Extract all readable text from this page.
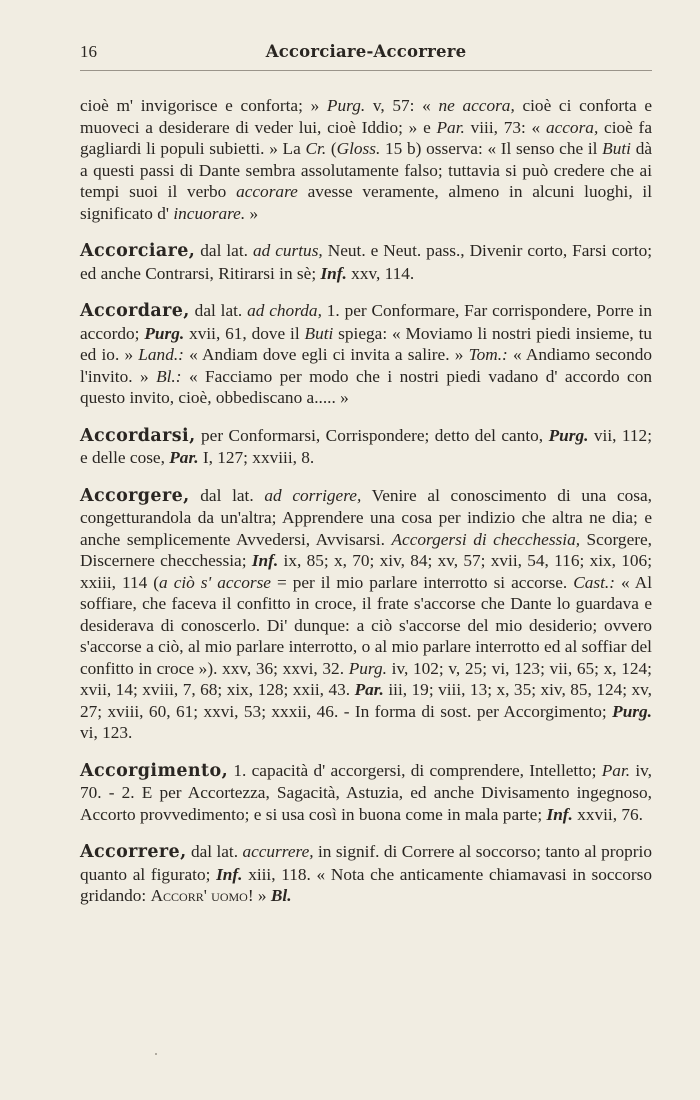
16	Accorciare-Accorrere

cioè m' invigorisce e conforta; » Purg. v, 57: « ne accora, cioè ci conforta e muoveci a desiderare di veder lui, cioè Iddio; » e Par. viii, 73: « accora, cioè fa gagliardi li populi subietti. » La Cr. (Gloss. 15 b) osserva: « Il senso che il Buti dà a questi passi di Dante sembra assolutamente falso; tuttavia si può credere che ai tempi suoi il verbo accorare avesse veramente, almeno in alcuni luoghi, il significato d' incuorare. »

Accorciare, dal lat. ad curtus, Neut. e Neut. pass., Divenir corto, Farsi corto; ed anche Contrarsi, Ritirarsi in sè; Inf. xxv, 114.

Accordare, dal lat. ad chorda, 1. per Conformare, Far corrispondere, Porre in accordo; Purg. xvii, 61, dove il Buti spiega: « Moviamo li nostri piedi insieme, tu ed io. » Land.: « Andiam dove egli ci invita a salire. » Tom.: « Andiamo secondo l'invito. » Bl.: « Facciamo per modo che i nostri piedi vadano d' accordo con questo invito, cioè, obbediscano a..... »

Accordarsi, per Conformarsi, Corrispondere; detto del canto, Purg. vii, 112; e delle cose, Par. I, 127; xxviii, 8.

Accorgere, dal lat. ad corrigere, Venire al conoscimento di una cosa, congetturandola da un'altra; Apprendere una cosa per indizio che altra ne dia; e anche semplicemente Avvedersi, Avvisarsi. Accorgersi di checchessia, Scorgere, Discernere checchessia; Inf. ix, 85; x, 70; xiv, 84; xv, 57; xvii, 54, 116; xix, 106; xxiii, 114 (a ciò s' accorse = per il mio parlare interrotto si accorse. Cast.: « Al soffiare, che faceva il confitto in croce, il frate s'accorse che Dante lo guardava e desiderava di conoscerlo. Di' dunque: a ciò s'accorse del mio desiderio; ovvero s'accorse a ciò, al mio parlare interrotto, o al mio parlare interrotto ed al soffiar del confitto in croce »). xxv, 36; xxvi, 32. Purg. iv, 102; v, 25; vi, 123; vii, 65; x, 124; xvii, 14; xviii, 7, 68; xix, 128; xxii, 43. Par. iii, 19; viii, 13; x, 35; xiv, 85, 124; xv, 27; xviii, 60, 61; xxvi, 53; xxxii, 46. - In forma di sost. per Accorgimento; Purg. vi, 123.

Accorgimento, 1. capacità d' accorgersi, di comprendere, Intelletto; Par. iv, 70. - 2. E per Accortezza, Sagacità, Astuzia, ed anche Divisamento ingegnoso, Accorto provvedimento; e si usa così in buona come in mala parte; Inf. xxvii, 76.

Accorrere, dal lat. accurrere, in signif. di Correre al soccorso; tanto al proprio quanto al figurato; Inf. xiii, 118. « Nota che anticamente chiamavasi in soccorso gridando: Accorr' uomo! » Bl.
